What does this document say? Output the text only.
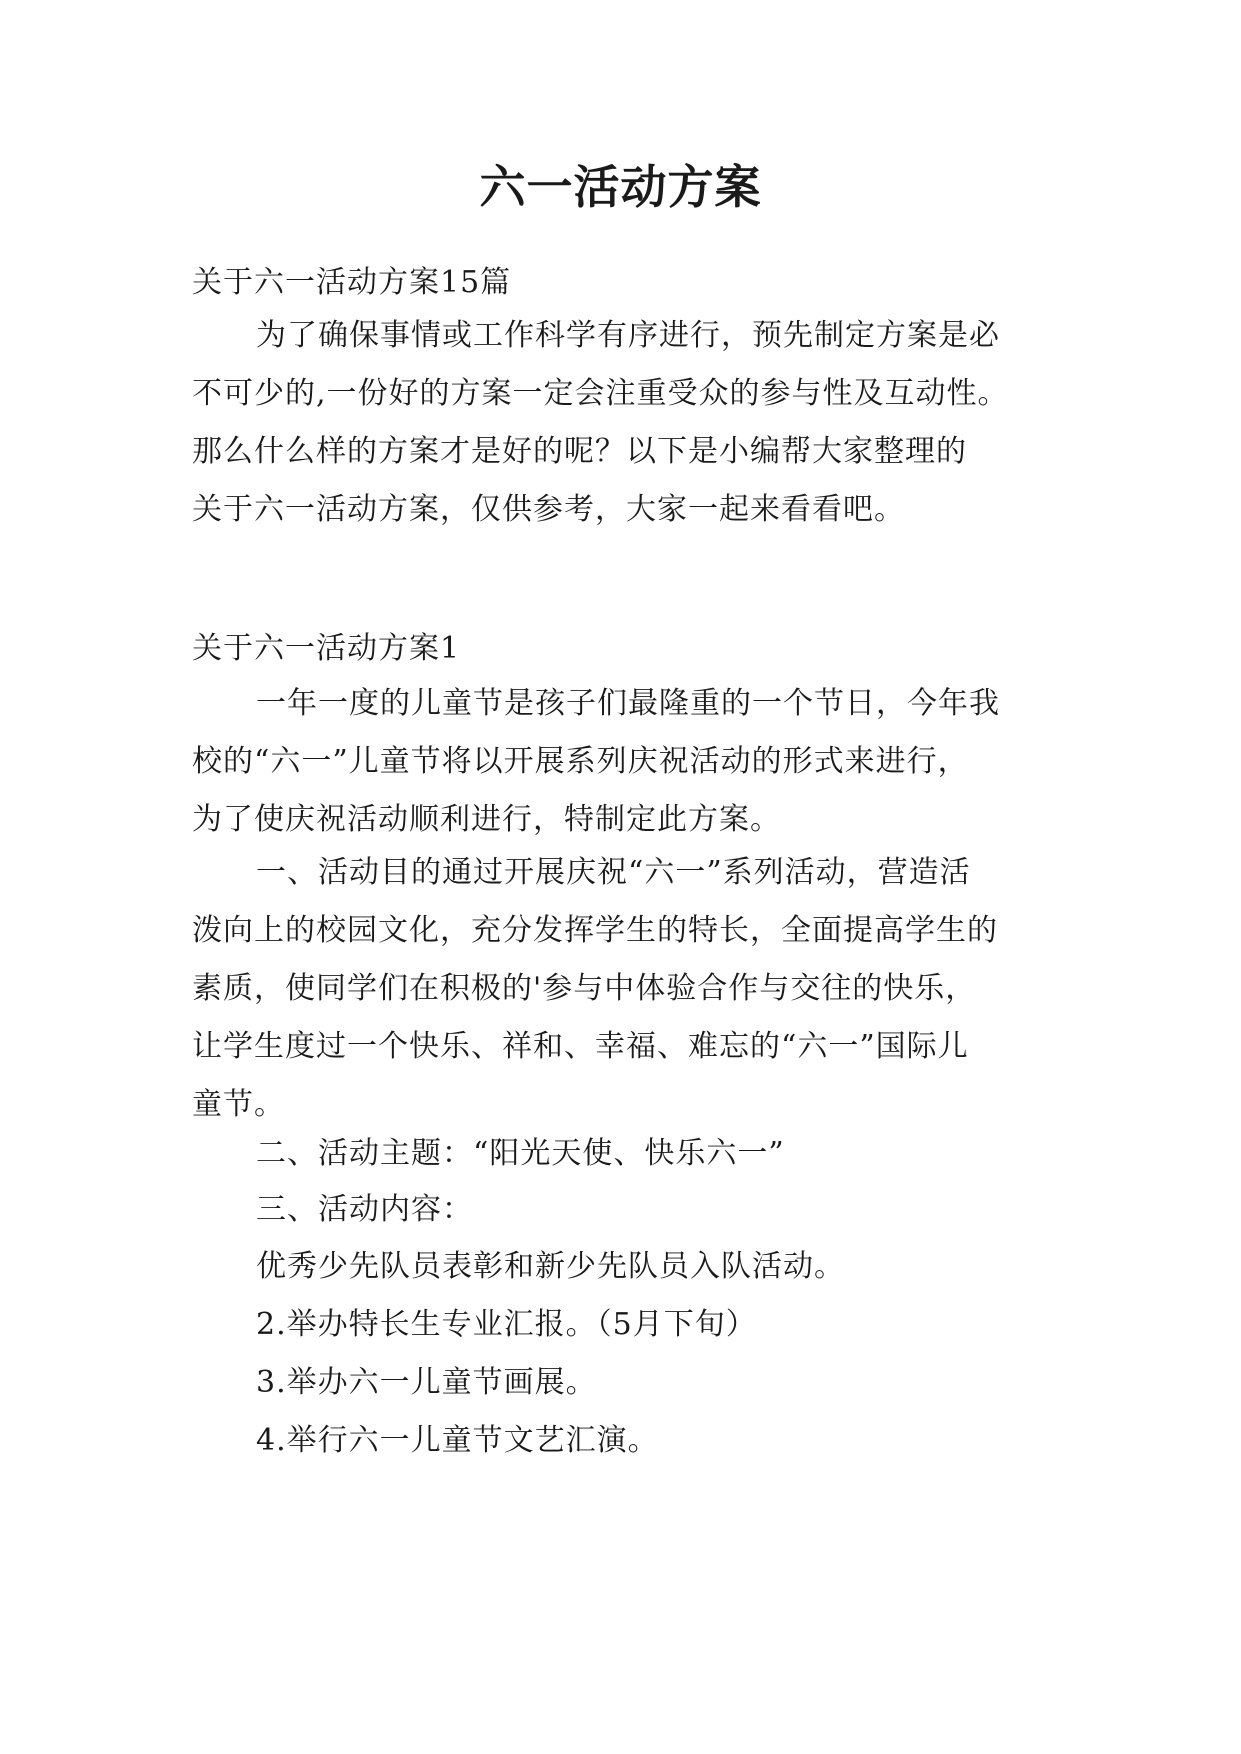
六一活动方案
关于六一活动方案15篇
为了确保事情或工作科学有序进行，预先制定方案是必
不可少的,一份好的方案一定会注重受众的参与性及互动性。
那么什么样的方案才是好的呢？以下是小编帮大家整理的
关于六一活动方案，仅供参考，大家一起来看看吧。
关于六一活动方案1
一年一度的儿童节是孩子们最隆重的一个节日，今年我
校的“六一”儿童节将以开展系列庆祝活动的形式来进行，
为了使庆祝活动顺利进行，特制定此方案。
一、活动目的通过开展庆祝“六一”系列活动，营造活
泼向上的校园文化，充分发挥学生的特长，全面提高学生的
素质，使同学们在积极的'参与中体验合作与交往的快乐，
让学生度过一个快乐、祥和、幸福、难忘的“六一”国际儿
童节。
二、活动主题：“阳光天使、快乐六一”
三、活动内容：
优秀少先队员表彰和新少先队员入队活动。
2.举办特长生专业汇报。（5月下旬）
3.举办六一儿童节画展。
4.举行六一儿童节文艺汇演。
